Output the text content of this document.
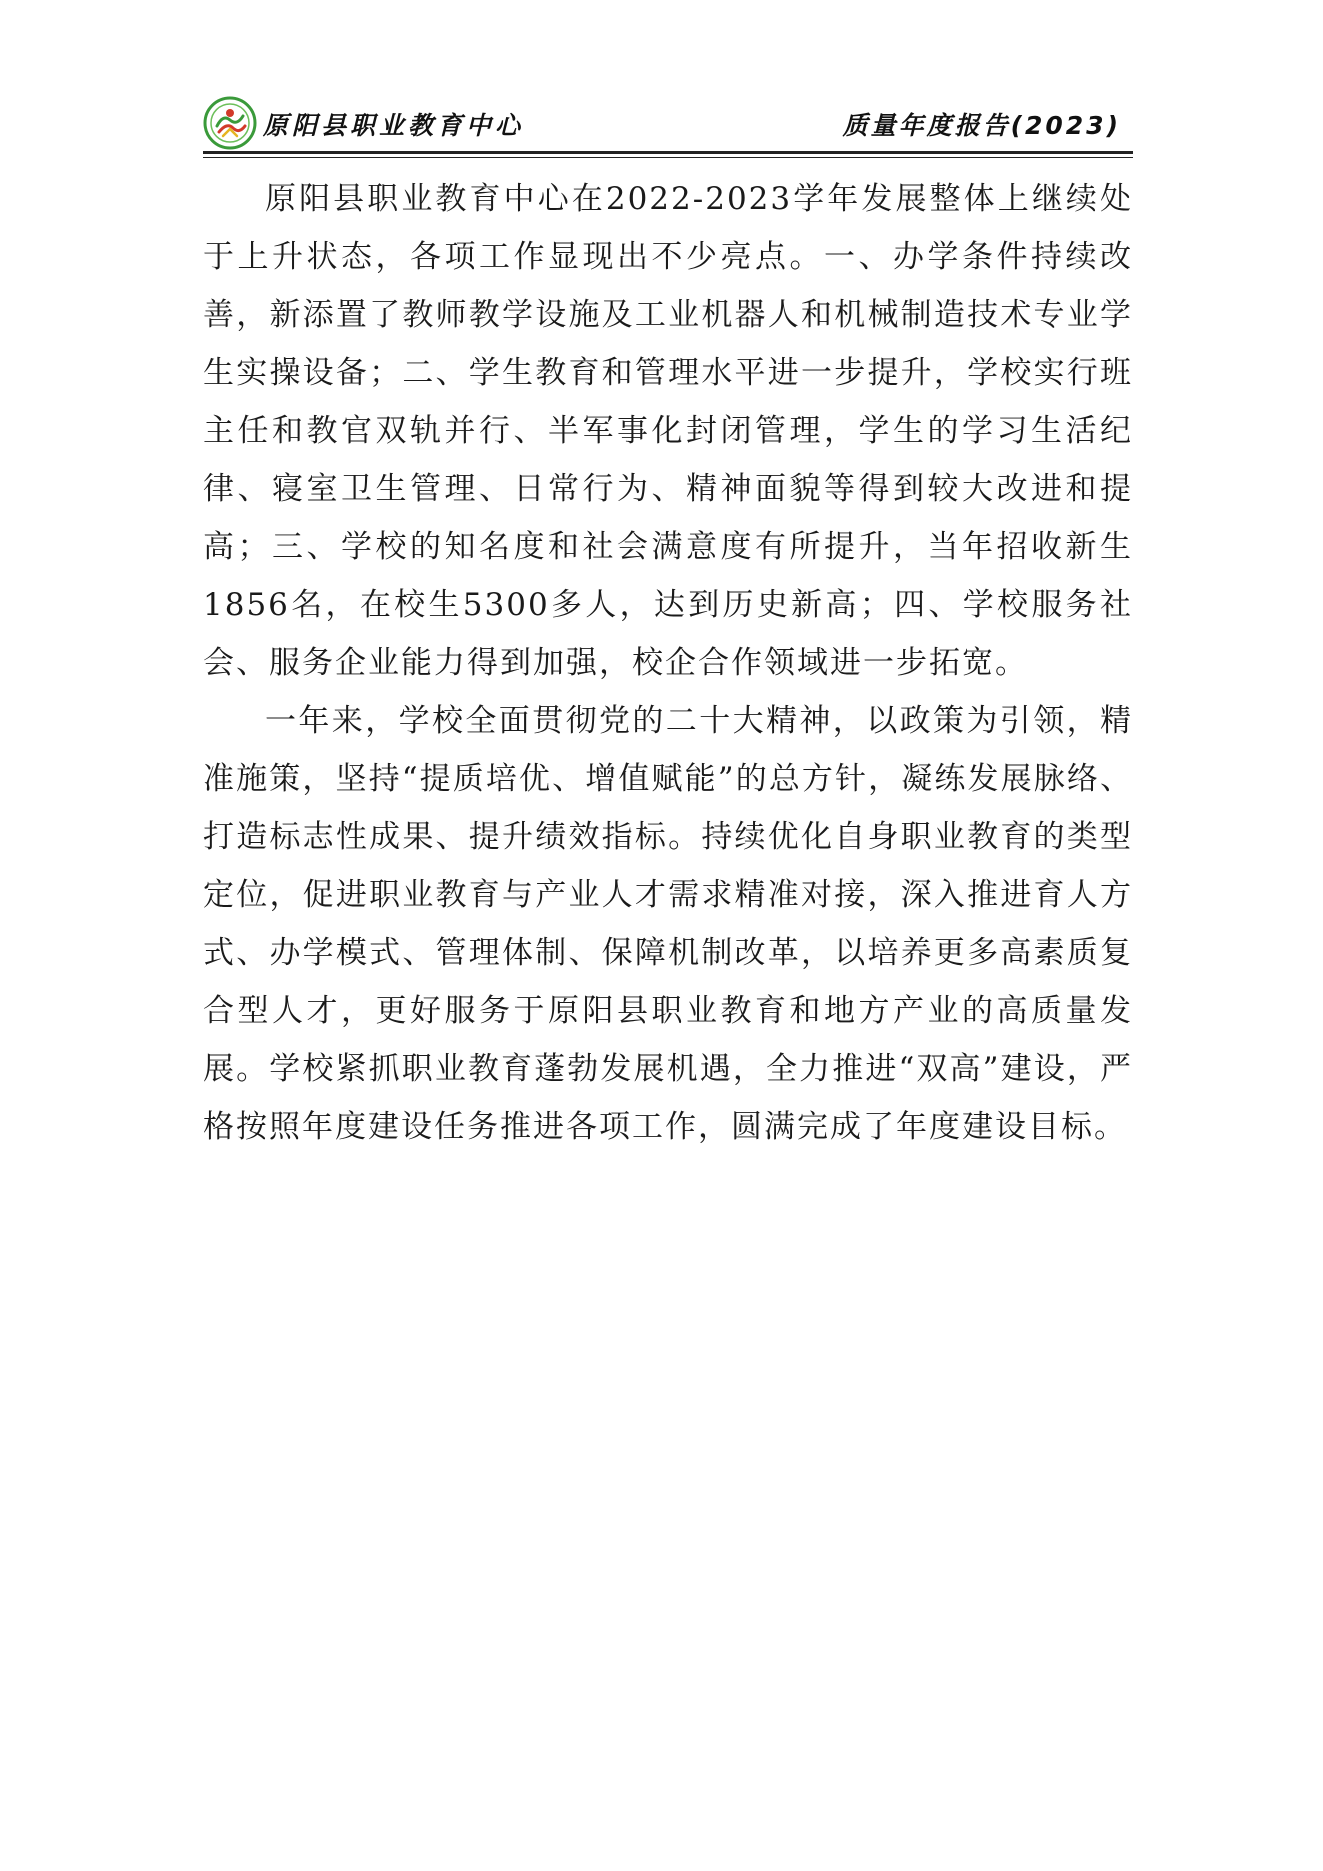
原阳县职业教育中心	质量年度报告(2023)

原阳县职业教育中心在2022-2023学年发展整体上继续处于上升状态，各项工作显现出不少亮点。一、办学条件持续改善，新添置了教师教学设施及工业机器人和机械制造技术专业学生实操设备；二、学生教育和管理水平进一步提升，学校实行班主任和教官双轨并行、半军事化封闭管理，学生的学习生活纪律、寝室卫生管理、日常行为、精神面貌等得到较大改进和提高；三、学校的知名度和社会满意度有所提升，当年招收新生1856名，在校生5300多人，达到历史新高；四、学校服务社会、服务企业能力得到加强，校企合作领域进一步拓宽。

一年来，学校全面贯彻党的二十大精神，以政策为引领，精准施策，坚持“提质培优、增值赋能”的总方针，凝练发展脉络、打造标志性成果、提升绩效指标。持续优化自身职业教育的类型定位，促进职业教育与产业人才需求精准对接，深入推进育人方式、办学模式、管理体制、保障机制改革，以培养更多高素质复合型人才，更好服务于原阳县职业教育和地方产业的高质量发展。学校紧抓职业教育蓬勃发展机遇，全力推进“双高”建设，严格按照年度建设任务推进各项工作，圆满完成了年度建设目标。
